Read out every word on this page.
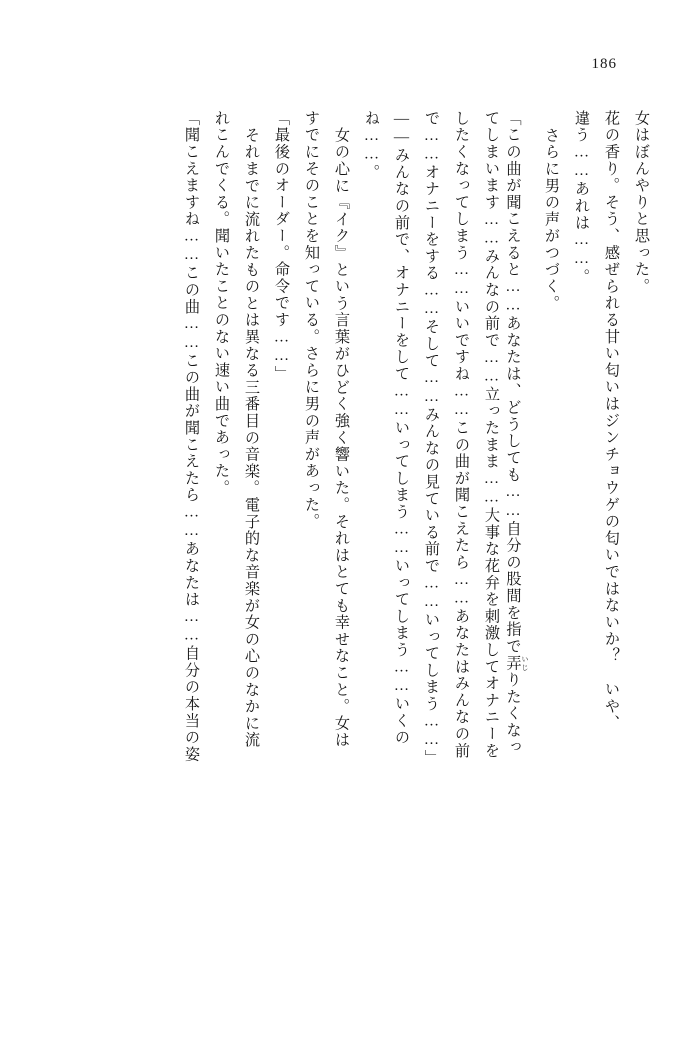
186
女はぼんやりと思った。
花の香り。そう、感ぜられる甘い匂いはジンチョウゲの匂いではないか？　いや、
違う……あれは……。
さらに男の声がつづく。
「この曲が聞こえると……あなたは、どうしても……自分の股間を指で弄 いじりたくなっ
てしまいます……みんなの前で……立ったまま……大事な花弁を刺激してオナニーを
したくなってしまう……いいですね……この曲が聞こえたら……あなたはみんなの前
で……オナニーをする……そして……みんなの見ている前で……いってしまう……」
——みんなの前で、オナニーをして……いってしまう……いってしまう……いくの
ね……。
女の心に『イク』という言葉がひどく強く響いた。それはとても幸せなこと。女は
すでにそのことを知っている。さらに男の声があった。
「最後のオーダー。命令です……」
それまでに流れたものとは異なる三番目の音楽。電子的な音楽が女の心のなかに流
れこんでくる。聞いたことのない速い曲であった。
「聞こえますね……この曲……この曲が聞こえたら……あなたは……自分の本当の姿
